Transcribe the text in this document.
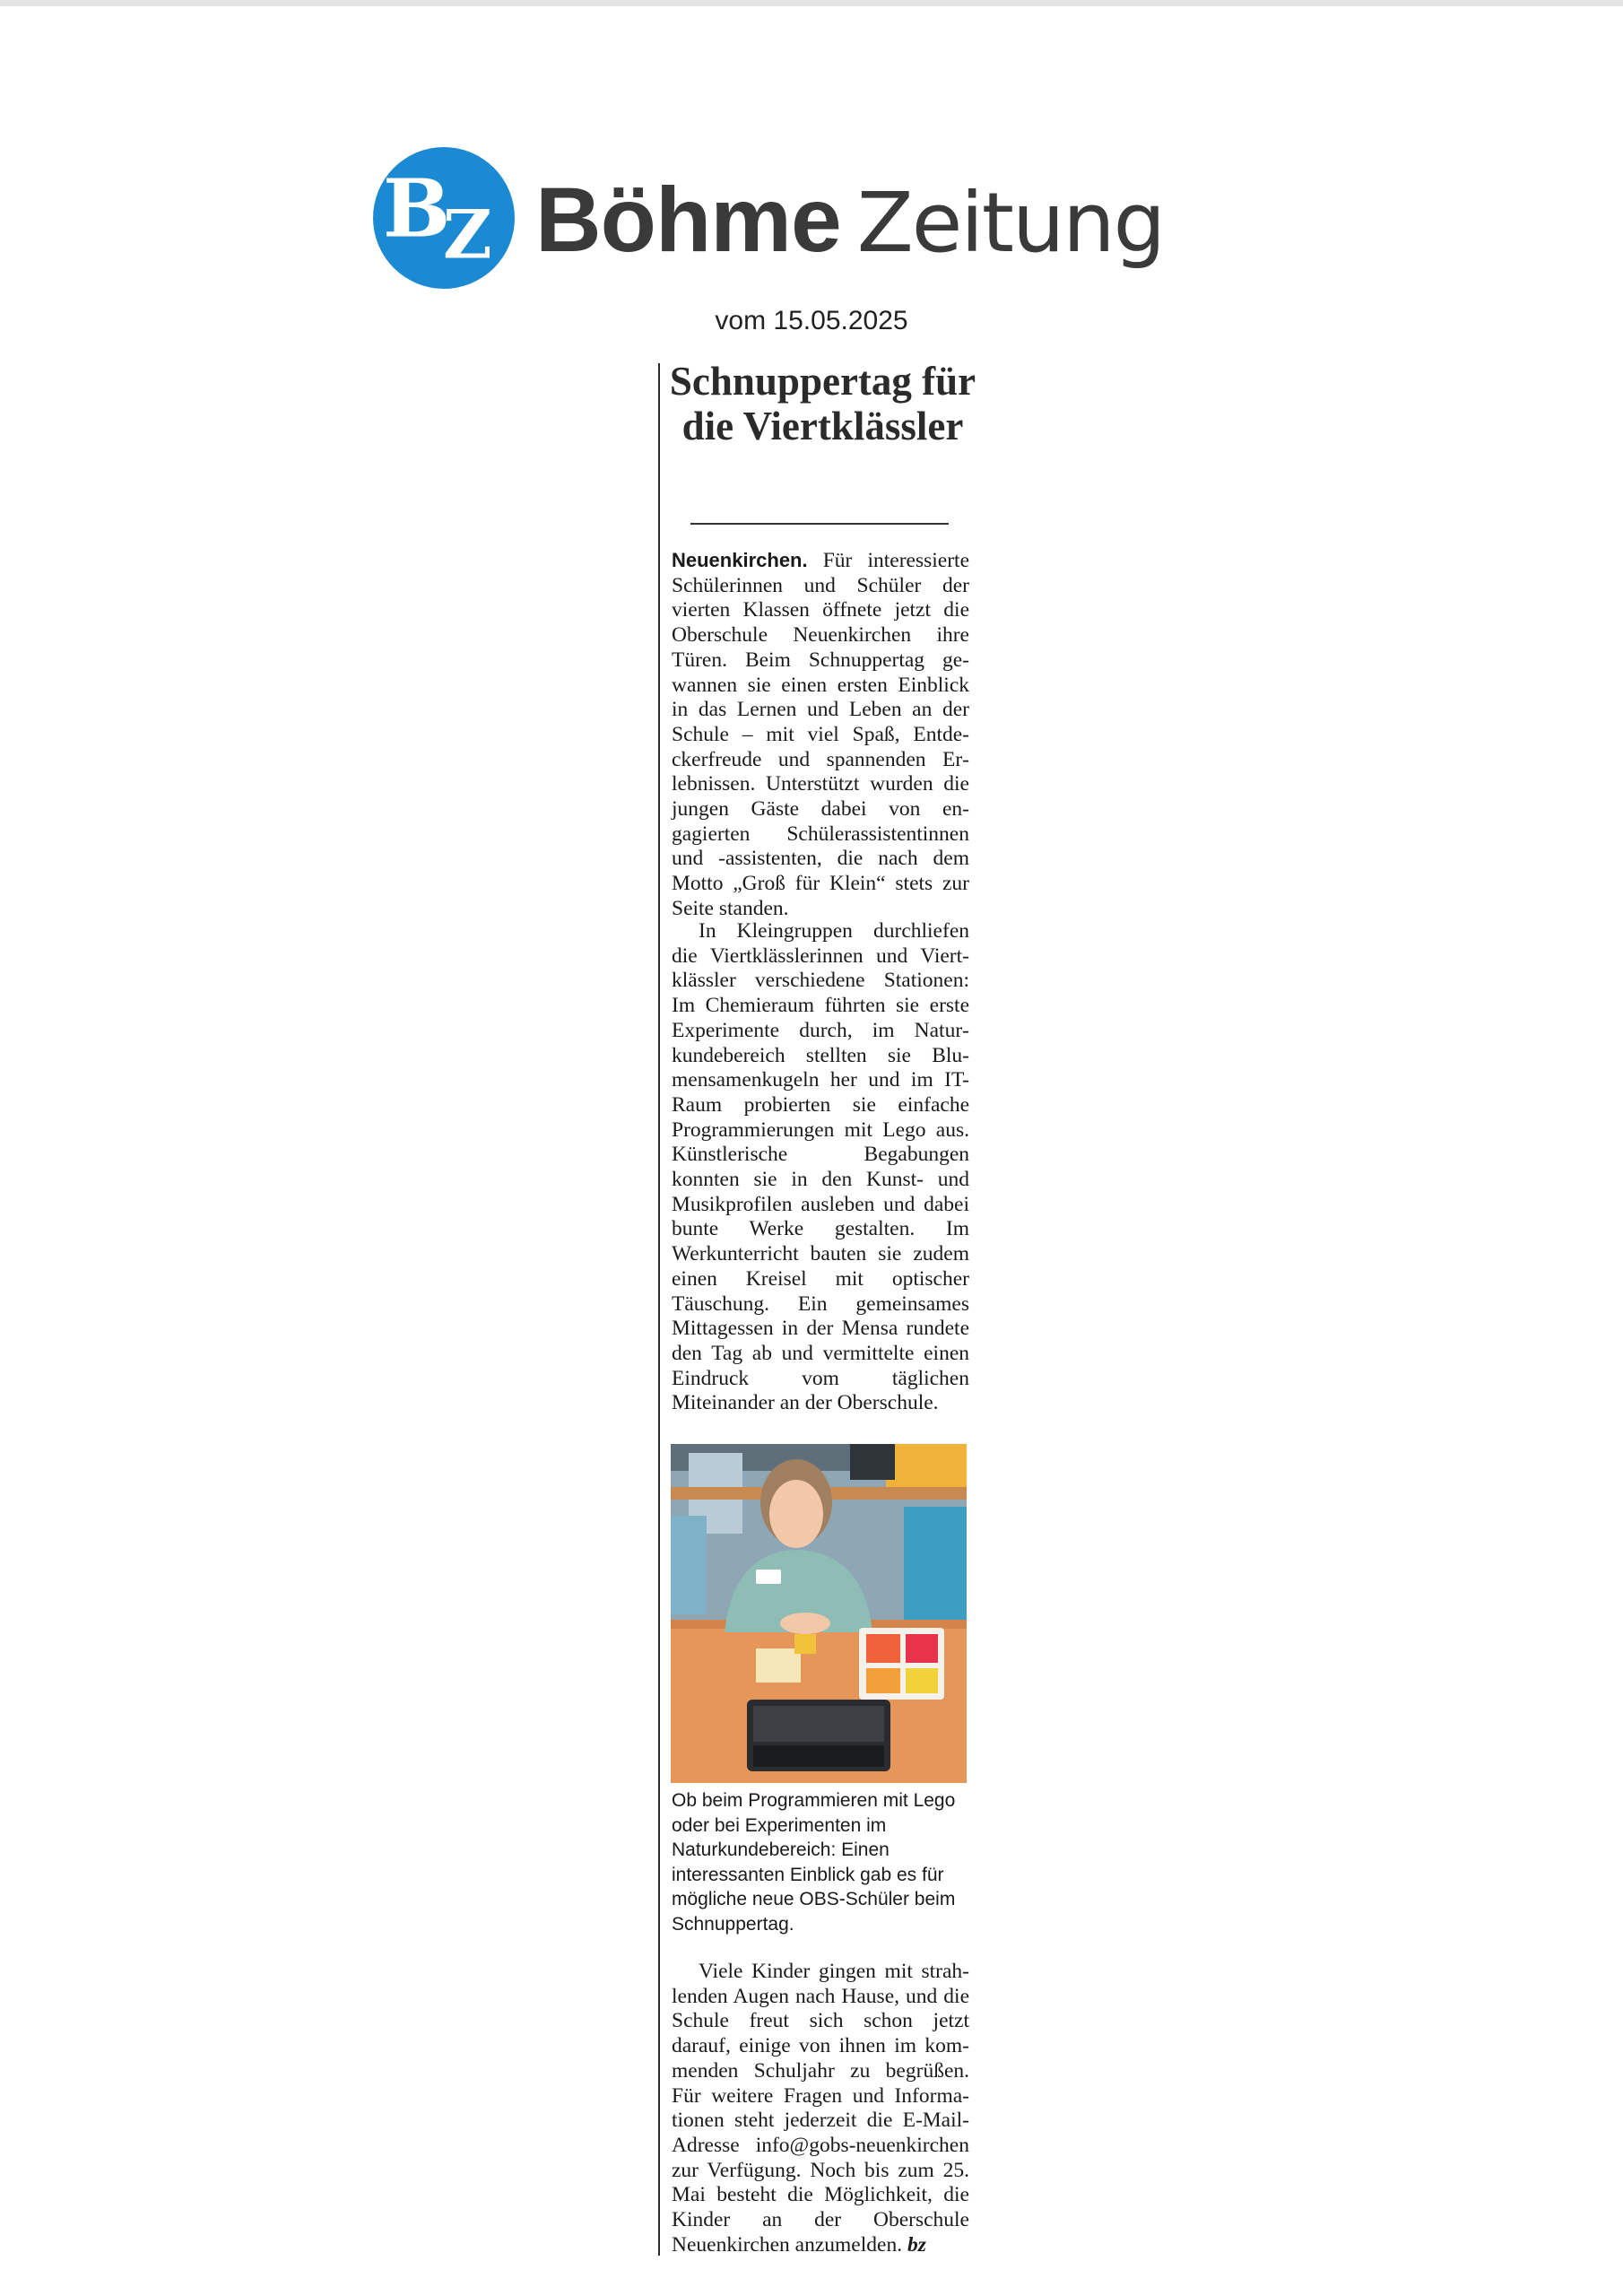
B
Z Böhme Zeitung
vom 15.05.2025
Schnuppertag für die Viertklässler

Neuenkirchen. Für interessierte Schülerinnen und Schüler der vierten Klassen öffnete jetzt die Oberschule Neuenkirchen ihre Türen. Beim Schnuppertag gewannen sie einen ersten Einblick in das Lernen und Leben an der Schule – mit viel Spaß, Entdeckerfreude und spannenden Erlebnissen. Unterstützt wurden die jungen Gäste dabei von engagierten Schülerassistentinnen und -assistenten, die nach dem Motto „Groß für Klein“ stets zur Seite standen.

In Kleingruppen durchliefen die Viertklässlerinnen und Viertklässler verschiedene Stationen: Im Chemieraum führten sie erste Experimente durch, im Naturkundebereich stellten sie Blumensamenkugeln her und im IT-Raum probierten sie einfache Programmierungen mit Lego aus. Künstlerische Begabungen konnten sie in den Kunst- und Musikprofilen ausleben und dabei bunte Werke gestalten. Im Werkunterricht bauten sie zudem einen Kreisel mit optischer Täuschung. Ein gemeinsames Mittagessen in der Mensa rundete den Tag ab und vermittelte einen Eindruck vom täglichen Miteinander an der Oberschule.

Ob beim Programmieren mit Lego oder bei Experimenten im Naturkundebereich: Einen interessanten Einblick gab es für mögliche neue OBS-Schüler beim Schnuppertag.

Viele Kinder gingen mit strahlenden Augen nach Hause, und die Schule freut sich schon jetzt darauf, einige von ihnen im kommenden Schuljahr zu begrüßen. Für weitere Fragen und Informationen steht jederzeit die E-Mail-Adresse info@gobs-neuenkirchen zur Verfügung. Noch bis zum 25. Mai besteht die Möglichkeit, die Kinder an der Oberschule Neuenkirchen anzumelden. bz
